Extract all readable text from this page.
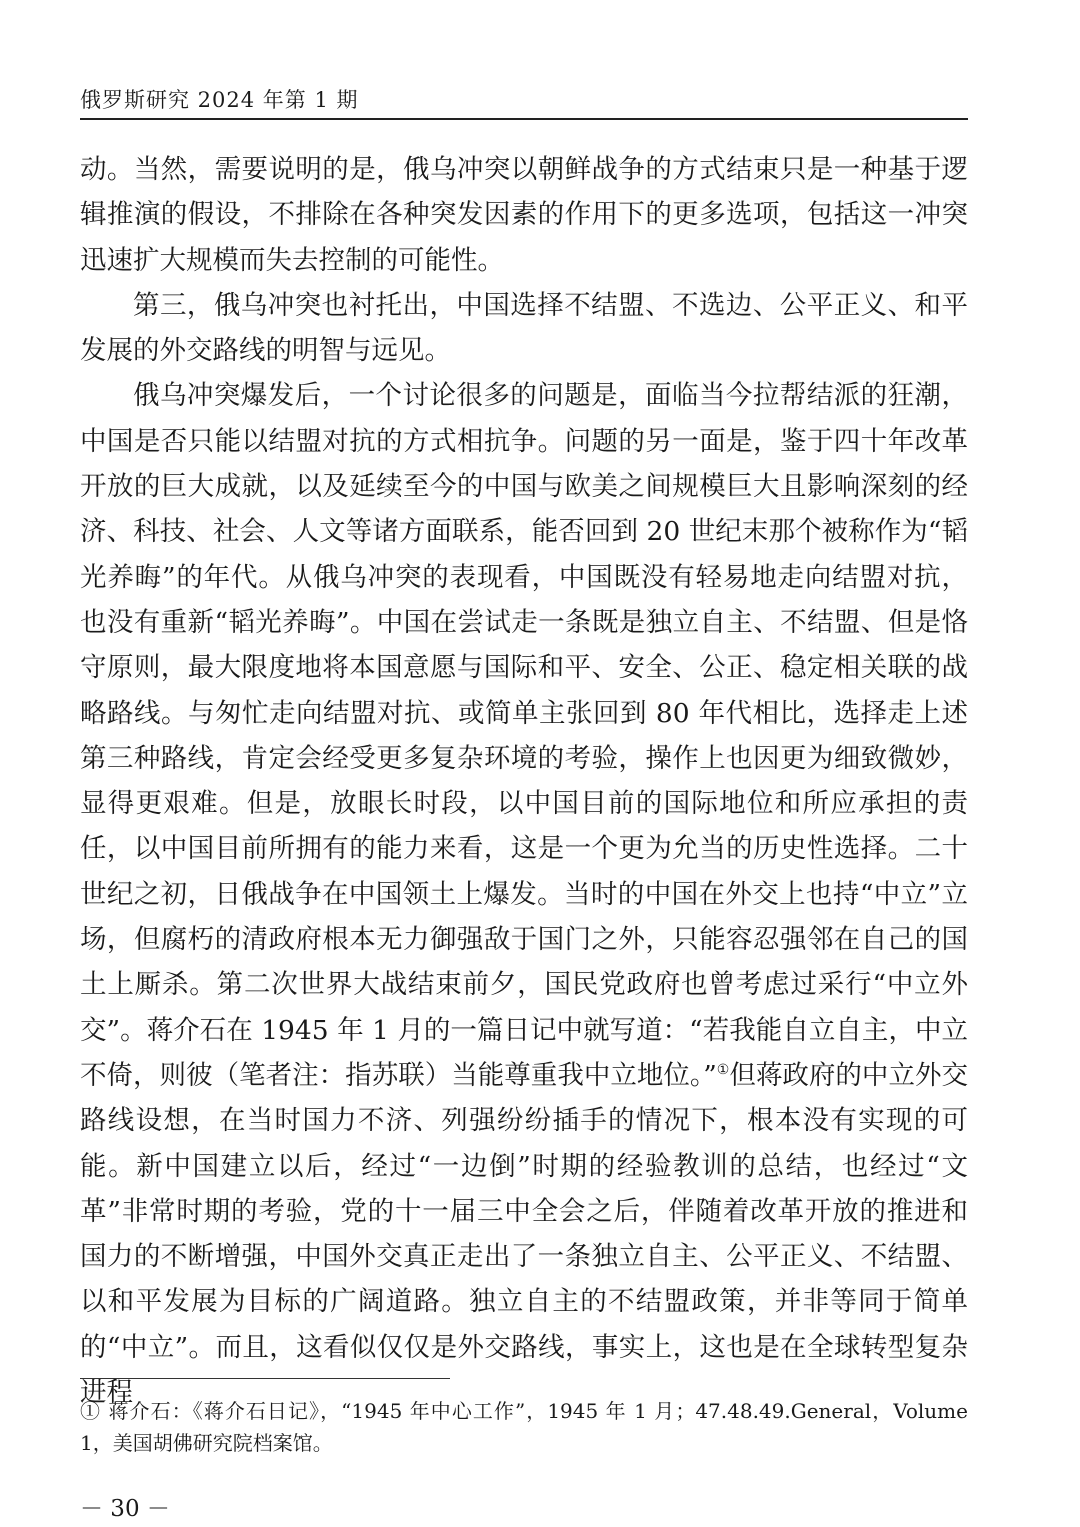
俄罗斯研究 2024 年第 1 期

动。当然，需要说明的是，俄乌冲突以朝鲜战争的方式结束只是一种基于逻辑推演的假设，不排除在各种突发因素的作用下的更多选项，包括这一冲突迅速扩大规模而失去控制的可能性。

第三，俄乌冲突也衬托出，中国选择不结盟、不选边、公平正义、和平发展的外交路线的明智与远见。

俄乌冲突爆发后，一个讨论很多的问题是，面临当今拉帮结派的狂潮，中国是否只能以结盟对抗的方式相抗争。问题的另一面是，鉴于四十年改革开放的巨大成就，以及延续至今的中国与欧美之间规模巨大且影响深刻的经济、科技、社会、人文等诸方面联系，能否回到 20 世纪末那个被称作为“韬光养晦”的年代。从俄乌冲突的表现看，中国既没有轻易地走向结盟对抗，也没有重新“韬光养晦”。中国在尝试走一条既是独立自主、不结盟、但是恪守原则，最大限度地将本国意愿与国际和平、安全、公正、稳定相关联的战略路线。与匆忙走向结盟对抗、或简单主张回到 80 年代相比，选择走上述第三种路线，肯定会经受更多复杂环境的考验，操作上也因更为细致微妙，显得更艰难。但是，放眼长时段，以中国目前的国际地位和所应承担的责任，以中国目前所拥有的能力来看，这是一个更为允当的历史性选择。二十世纪之初，日俄战争在中国领土上爆发。当时的中国在外交上也持“中立”立场，但腐朽的清政府根本无力御强敌于国门之外，只能容忍强邻在自己的国土上厮杀。第二次世界大战结束前夕，国民党政府也曾考虑过采行“中立外交”。蒋介石在 1945 年 1 月的一篇日记中就写道：“若我能自立自主，中立不倚，则彼（笔者注：指苏联）当能尊重我中立地位。”①但蒋政府的中立外交路线设想，在当时国力不济、列强纷纷插手的情况下，根本没有实现的可能。新中国建立以后，经过“一边倒”时期的经验教训的总结，也经过“文革”非常时期的考验，党的十一届三中全会之后，伴随着改革开放的推进和国力的不断增强，中国外交真正走出了一条独立自主、公平正义、不结盟、以和平发展为目标的广阔道路。独立自主的不结盟政策，并非等同于简单的“中立”。而且，这看似仅仅是外交路线，事实上，这也是在全球转型复杂进程

① 蒋介石：《蒋介石日记》，“1945 年中心工作”，1945 年 1 月；47.48.49.General，Volume 1，美国胡佛研究院档案馆。
－ 30 －
